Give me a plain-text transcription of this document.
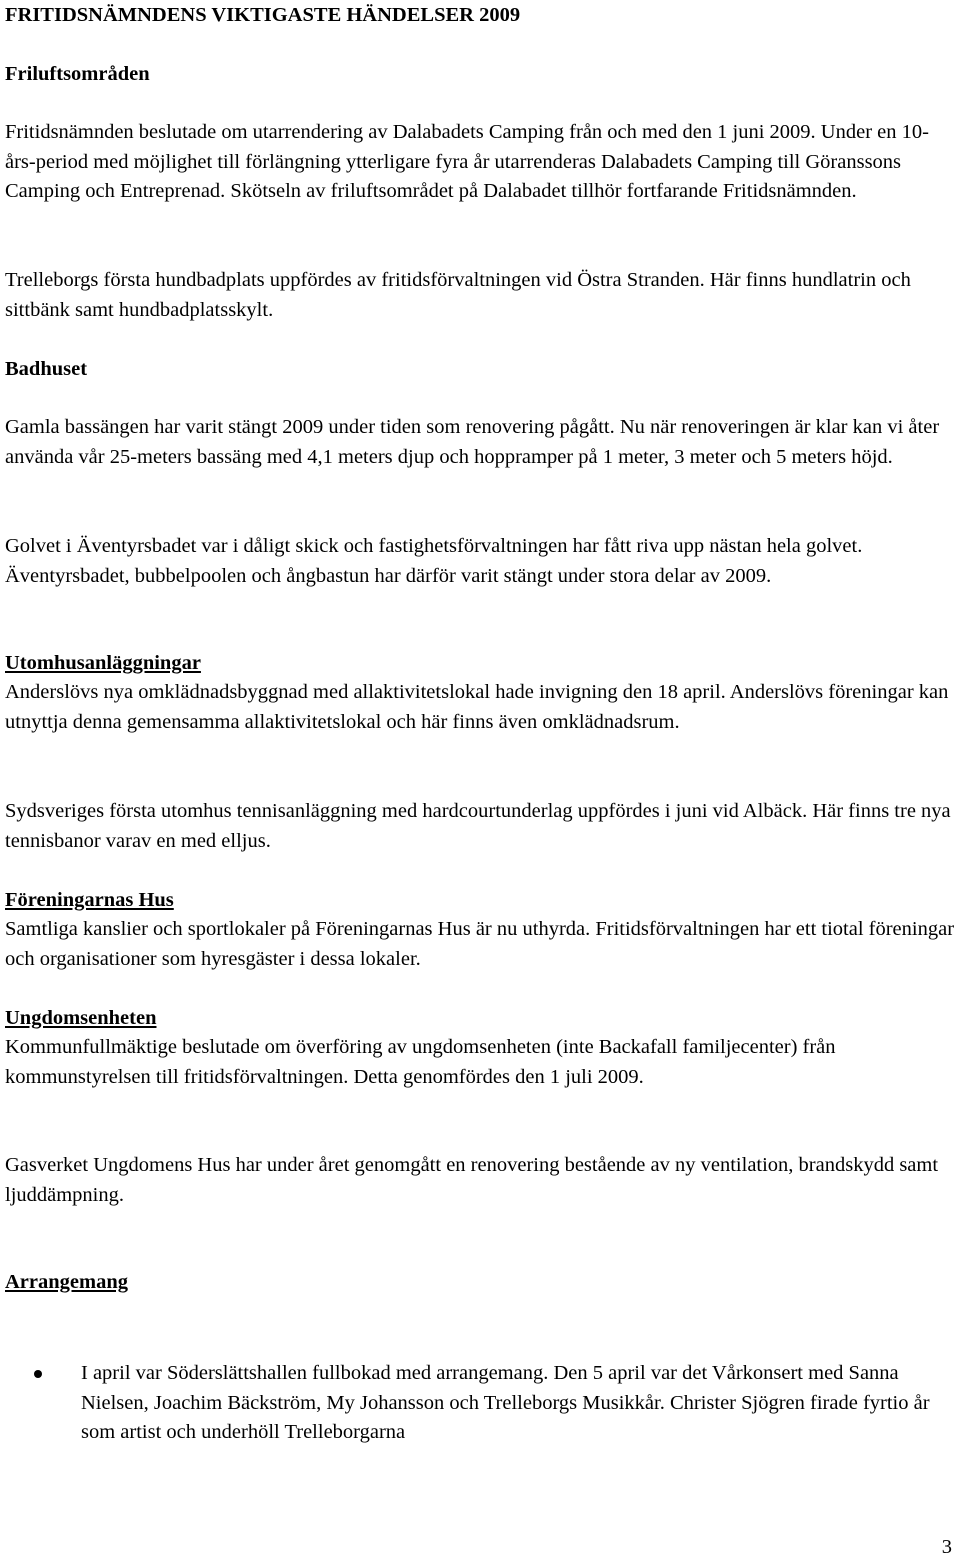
FRITIDSNÄMNDENS VIKTIGASTE HÄNDELSER 2009
Friluftsområden

Fritidsnämnden beslutade om utarrendering av Dalabadets Camping från och med den 1 juni 2009. Under en 10-års-period med möjlighet till förlängning ytterligare fyra år utarrenderas Dalabadets Camping till Göranssons Camping och Entreprenad. Skötseln av friluftsområdet på Dalabadet tillhör fortfarande Fritidsnämnden.

Trelleborgs första hundbadplats uppfördes av fritidsförvaltningen vid Östra Stranden. Här finns hundlatrin och sittbänk samt hundbadplatsskylt.

Badhuset

Gamla bassängen har varit stängt 2009 under tiden som renovering pågått. Nu när renoveringen är klar kan vi åter använda vår 25-meters bassäng med 4,1 meters djup och hoppramper på 1 meter, 3 meter och 5 meters höjd.

Golvet i Äventyrsbadet var i dåligt skick och fastighetsförvaltningen har fått riva upp nästan hela golvet. Äventyrsbadet, bubbelpoolen och ångbastun har därför varit stängt under stora delar av 2009.

Utomhusanläggningar

Anderslövs nya omklädnadsbyggnad med allaktivitetslokal hade invigning den 18 april. Anderslövs föreningar kan utnyttja denna gemensamma allaktivitetslokal och här finns även omklädnadsrum.

Sydsveriges första utomhus tennisanläggning med hardcourtunderlag uppfördes i juni vid Albäck. Här finns tre nya tennisbanor varav en med elljus.

Föreningarnas Hus

Samtliga kanslier och sportlokaler på Föreningarnas Hus är nu uthyrda. Fritidsförvaltningen har ett tiotal föreningar och organisationer som hyresgäster i dessa lokaler.

Ungdomsenheten

Kommunfullmäktige beslutade om överföring av ungdomsenheten (inte Backafall familjecenter) från kommunstyrelsen till fritidsförvaltningen. Detta genomfördes den 1 juli 2009.

Gasverket Ungdomens Hus har under året genomgått en renovering bestående av ny ventilation, brandskydd samt ljuddämpning.

Arrangemang
I april var Söderslättshallen fullbokad med arrangemang. Den 5 april var det Vårkonsert med Sanna Nielsen, Joachim Bäckström, My Johansson och Trelleborgs Musikkår. Christer Sjögren firade fyrtio år som artist och underhöll Trelleborgarna
3
